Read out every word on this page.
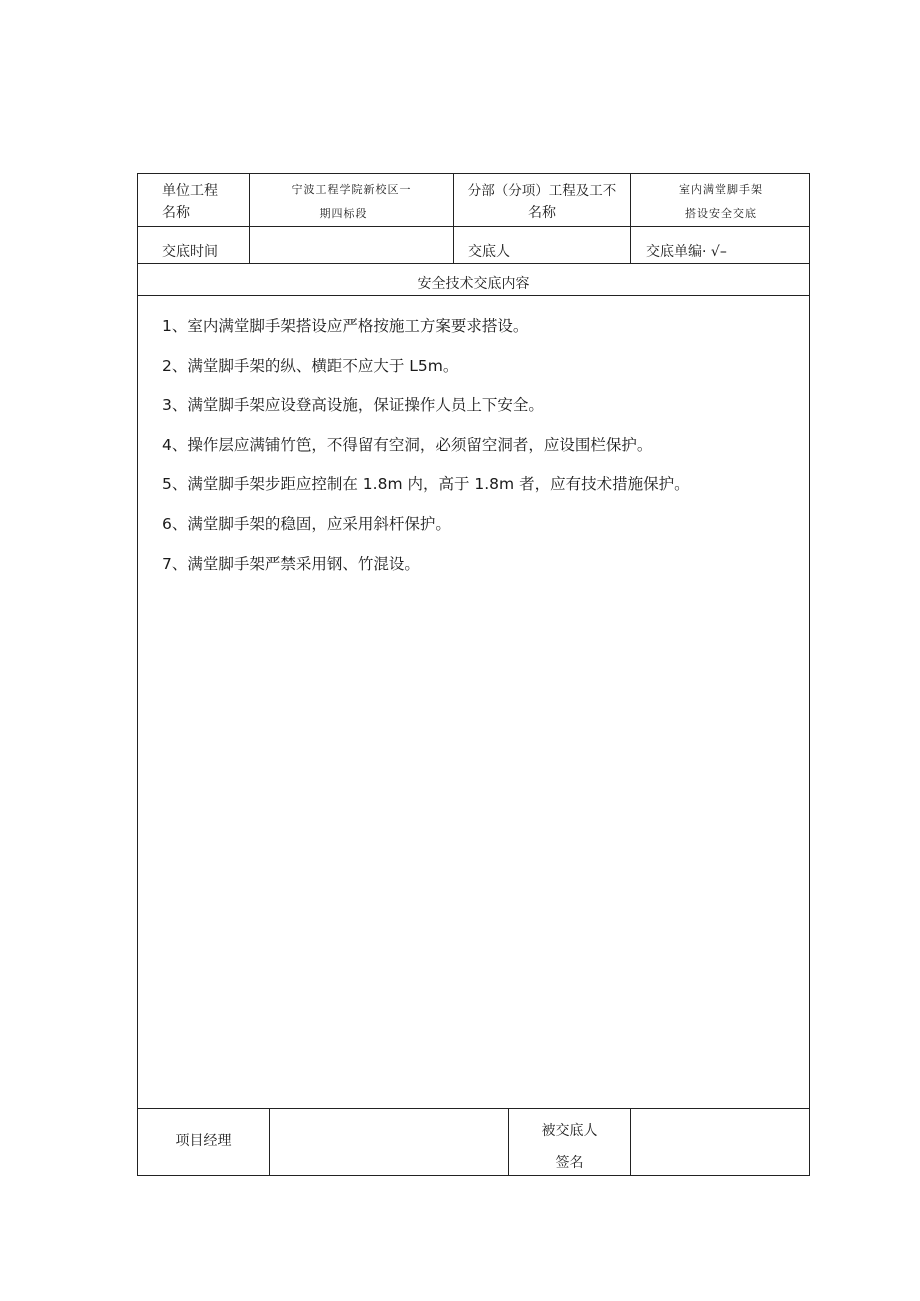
单位工程
名称
宁波工程学院新校区一
期四标段
分部（分项）工程及工不
名称
室内满堂脚手架
搭设安全交底
交底时间	交底人	交底单编· √–
安全技术交底内容
1、室内满堂脚手架搭设应严格按施工方案要求搭设。
2、满堂脚手架的纵、横距不应大于 L5m。
3、满堂脚手架应设登高设施，保证操作人员上下安全。
4、操作层应满铺竹笆，不得留有空洞，必须留空洞者，应设围栏保护。
5、满堂脚手架步距应控制在 1.8m 内，高于 1.8m 者，应有技术措施保护。
6、满堂脚手架的稳固，应采用斜杆保护。
7、满堂脚手架严禁采用钢、竹混设。
项目经理
被交底人
签名
